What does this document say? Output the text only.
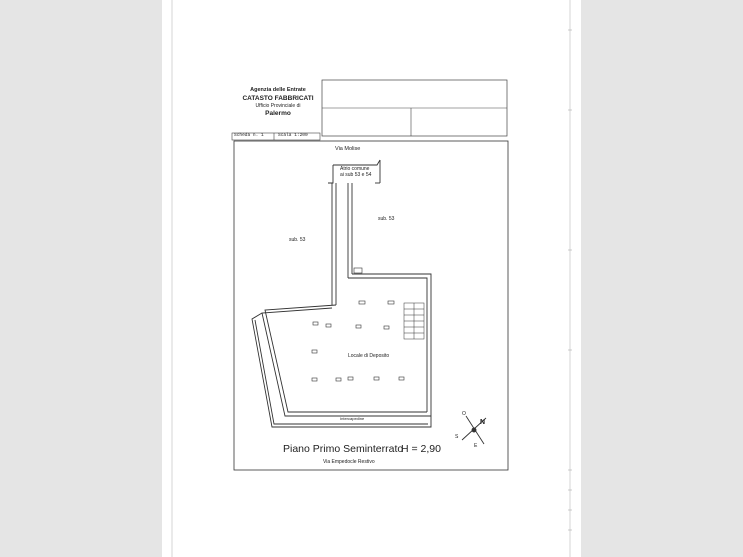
Agenzia delle Entrate
CATASTO FABBRICATI
Ufficio Provinciale di
Palermo
Scheda n. 1	Scala 1:200
Via Molise
Atrio comune
ai sub 53 e 54
sub. 53
sub. 53
Locale di Deposito
Intercapedine
Piano Primo Seminterrato
H = 2,90
Via Empedocle Restivo
N
S
E
O
